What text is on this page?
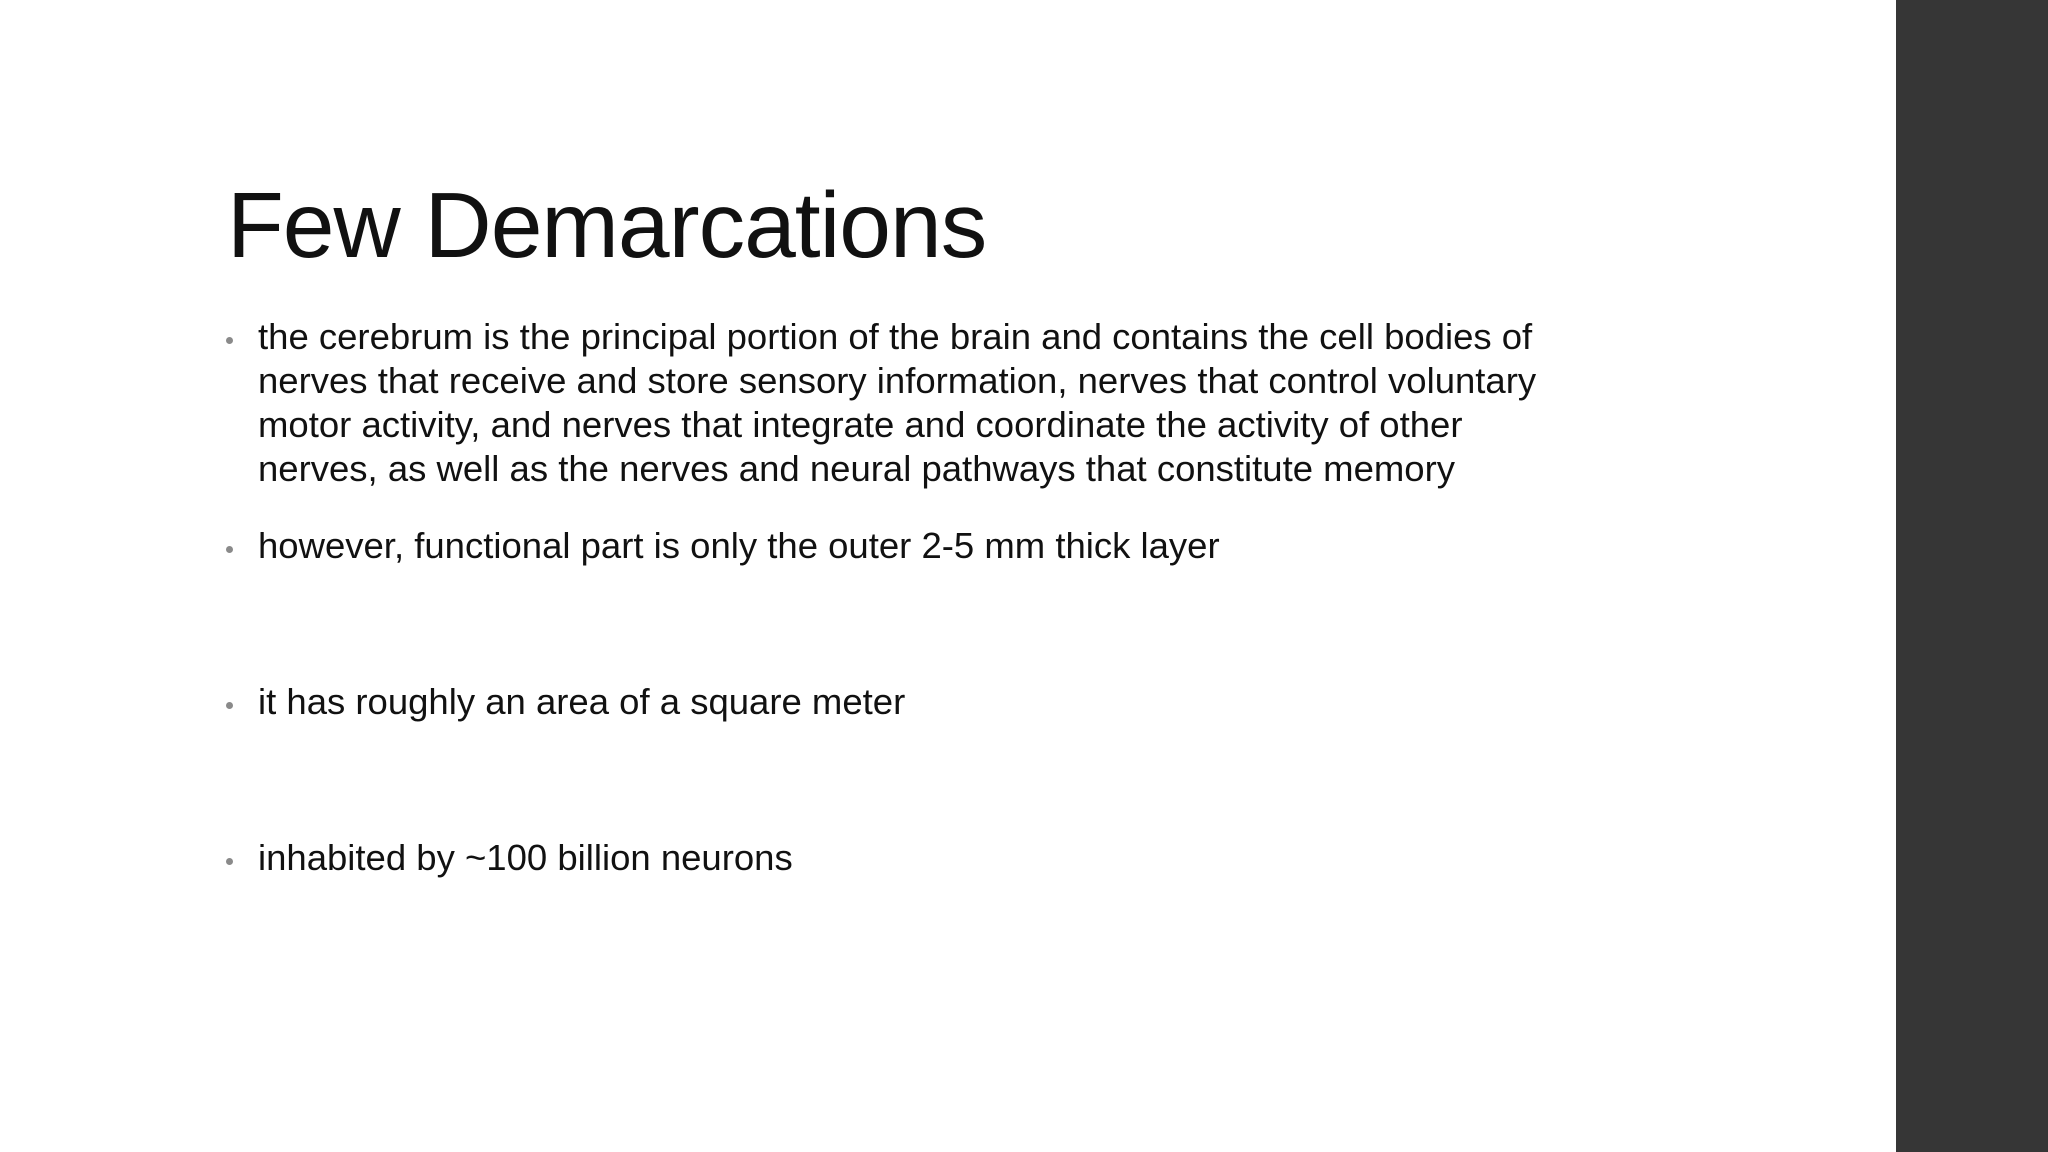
Few Demarcations
the cerebrum is the principal portion of the brain and contains the cell bodies of
nerves that receive and store sensory information, nerves that control voluntary
motor activity, and nerves that integrate and coordinate the activity of other
nerves, as well as the nerves and neural pathways that constitute memory
however, functional part is only the outer 2-5 mm thick layer
it has roughly an area of a square meter
inhabited by ~100 billion neurons
